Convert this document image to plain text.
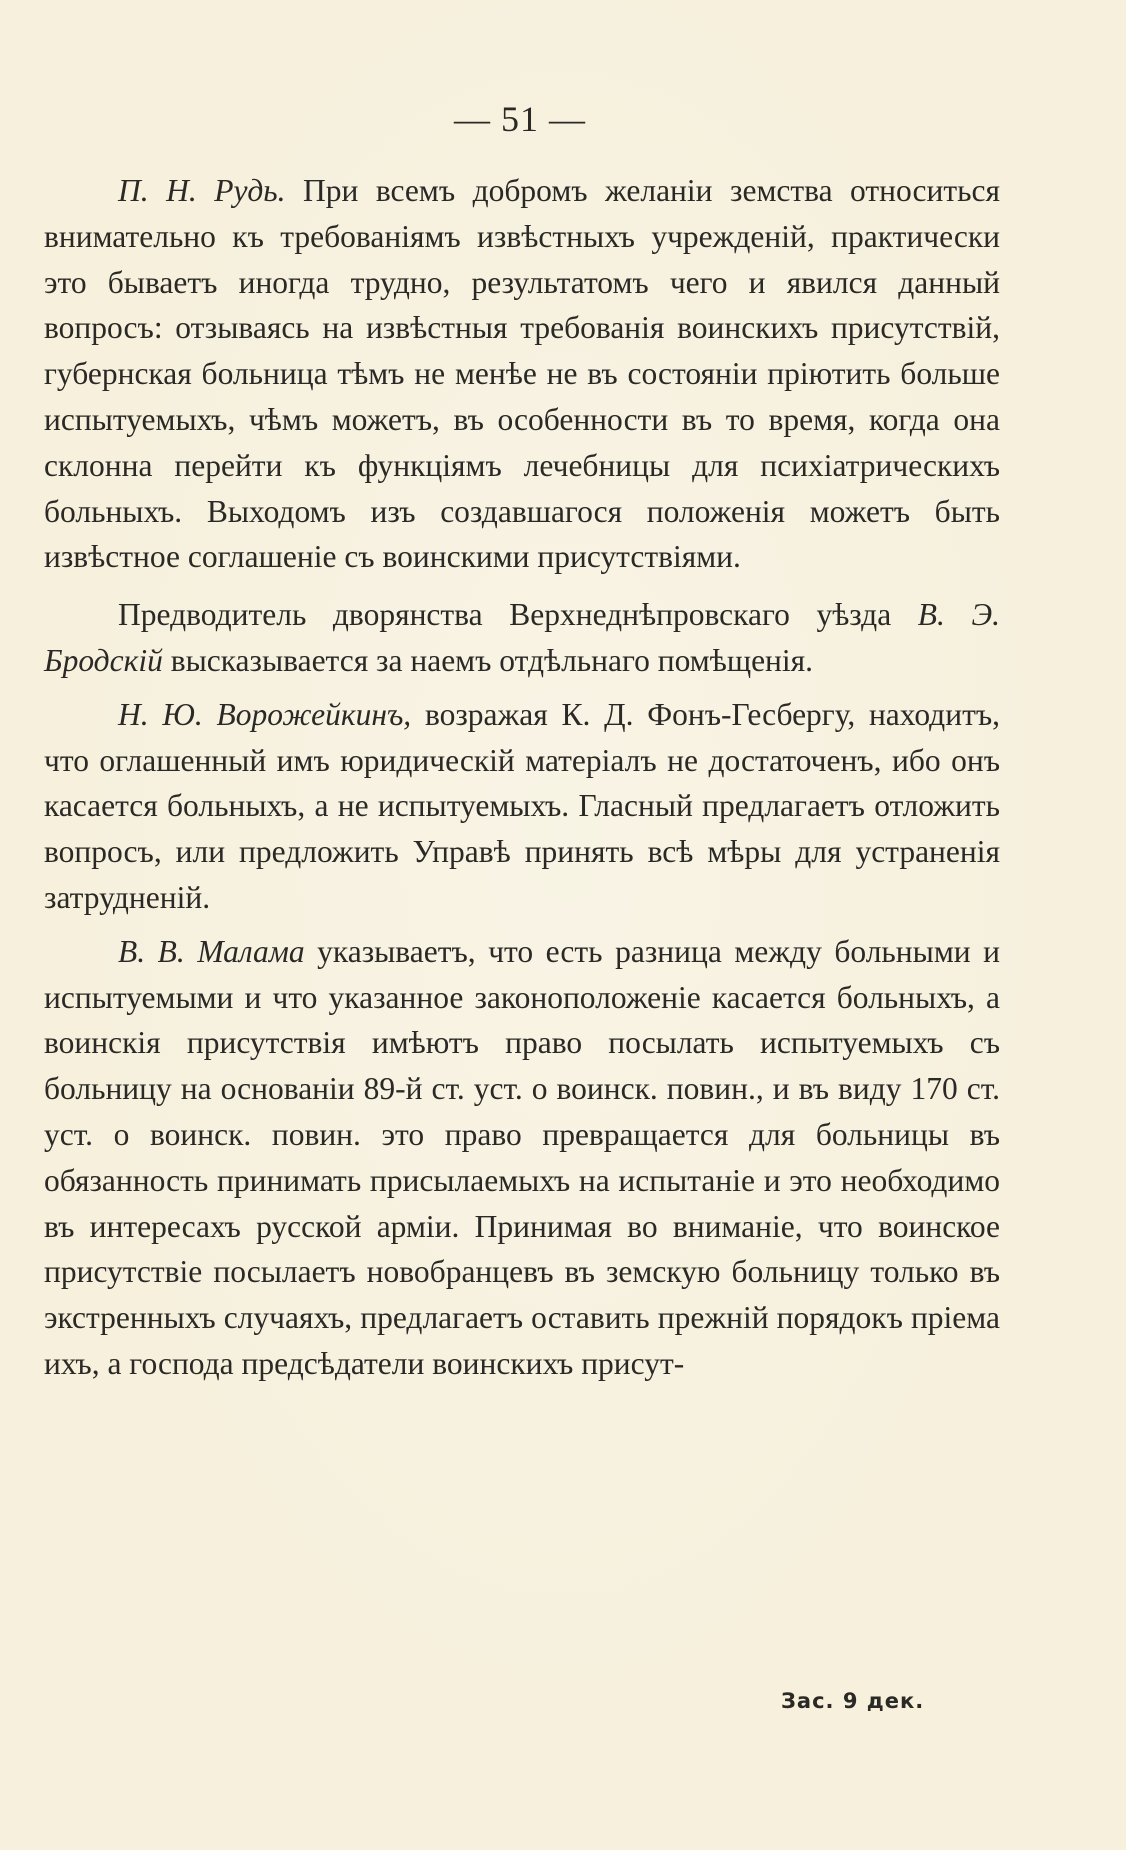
— 51 —

П. Н. Рудь. При всемъ добромъ желаніи земства относиться внимательно къ требованіямъ извѣстныхъ учрежденій, практически это бываетъ иногда трудно, результатомъ чего и явился данный вопросъ: отзываясь на извѣстныя требованія воинскихъ присутствій, губернская больница тѣмъ не менѣе не въ состояніи пріютить больше испытуемыхъ, чѣмъ можетъ, въ особенности въ то время, когда она склонна перейти къ функціямъ лечебницы для психіатрическихъ больныхъ. Выходомъ изъ создавшагося положенія можетъ быть извѣстное соглашеніе съ воинскими присутствіями.

Предводитель дворянства Верхнеднѣпровскаго уѣзда В. Э. Бродскій высказывается за наемъ отдѣльнаго помѣщенія.

Н. Ю. Ворожейкинъ, возражая К. Д. Фонъ-Гесбергу, находитъ, что оглашенный имъ юридическій матеріалъ не достаточенъ, ибо онъ касается больныхъ, а не испытуемыхъ. Гласный предлагаетъ отложить вопросъ, или предложить Управѣ принять всѣ мѣры для устраненія затрудненій.

В. В. Малама указываетъ, что есть разница между больными и испытуемыми и что указанное законоположеніе касается больныхъ, а воинскія присутствія имѣютъ право посылать испытуемыхъ съ больницу на основаніи 89-й ст. уст. о воинск. повин., и въ виду 170 ст. уст. о воинск. повин. это право превращается для больницы въ обязанность принимать присылаемыхъ на испытаніе и это необходимо въ интересахъ русской арміи. Принимая во вниманіе, что воинское присутствіе посылаетъ новобранцевъ въ земскую больницу только въ экстренныхъ случаяхъ, предлагаетъ оставить прежній порядокъ пріема ихъ, а господа предсѣдатели воинскихъ присут-

Зас. 9 дек.
